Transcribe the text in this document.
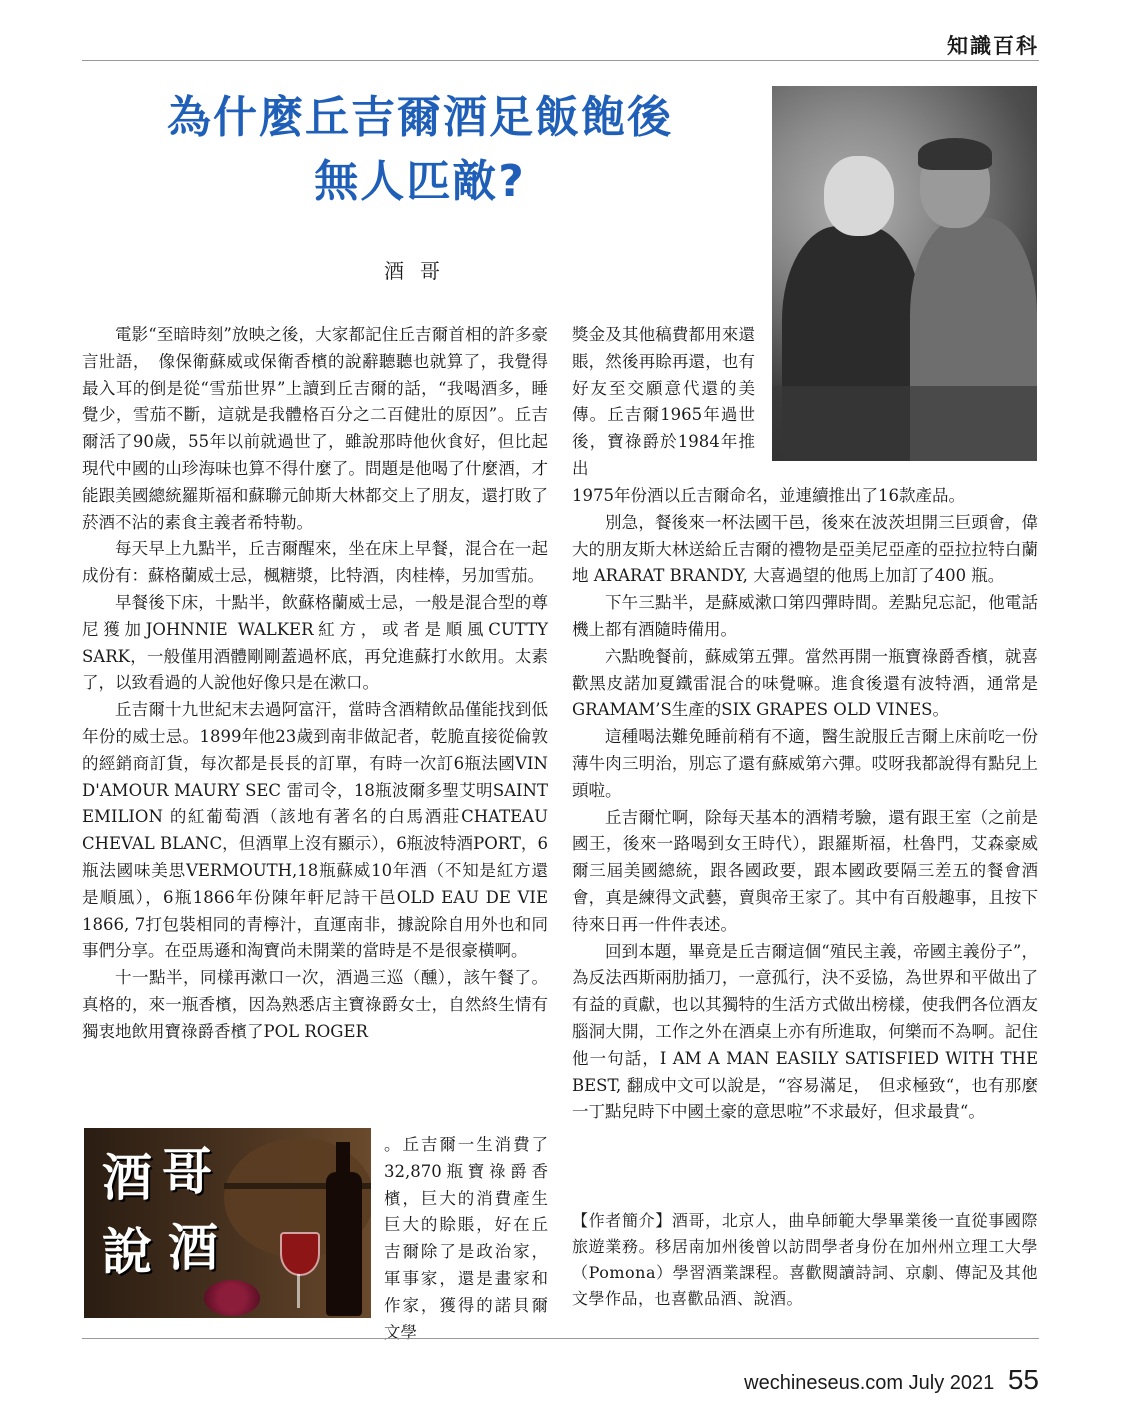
知識百科
為什麼丘吉爾酒足飯飽後
無人匹敵?
酒哥

電影“至暗時刻”放映之後，大家都記住丘吉爾首相的許多豪言壯語，　像保衛蘇威或保衛香檳的說辭聽聽也就算了，我覺得最入耳的倒是從“雪茄世界”上讀到丘吉爾的話，“我喝酒多，睡覺少，雪茄不斷，這就是我體格百分之二百健壯的原因”。丘吉爾活了90歲，55年以前就過世了，雖說那時他伙食好，但比起現代中國的山珍海味也算不得什麼了。問題是他喝了什麼酒，才能跟美國總統羅斯福和蘇聯元帥斯大林都交上了朋友，還打敗了菸酒不沾的素食主義者希特勒。

每天早上九點半，丘吉爾醒來，坐在床上早餐，混合在一起成份有：蘇格蘭威士忌，楓糖漿，比特酒，肉桂棒，另加雪茄。

早餐後下床，十點半，飲蘇格蘭威士忌，一般是混合型的尊尼獲加JOHNNIE WALKER紅方，或者是順風CUTTY SARK，一般僅用酒體剛剛蓋過杯底，再兌進蘇打水飲用。太素了，以致看過的人說他好像只是在漱口。

丘吉爾十九世紀末去過阿富汗，當時含酒精飲品僅能找到低年份的威士忌。1899年他23歲到南非做記者，乾脆直接從倫敦的經銷商訂貨，每次都是長長的訂單，有時一次訂6瓶法國VIN D'AMOUR MAURY SEC 雷司令，18瓶波爾多聖艾明SAINT EMILION 的紅葡萄酒（該地有著名的白馬酒莊CHATEAU CHEVAL BLANC，但酒單上沒有顯示），6瓶波特酒PORT，6瓶法國味美思VERMOUTH,18瓶蘇威10年酒（不知是紅方還是順風），6瓶1866年份陳年軒尼詩干邑OLD EAU DE VIE 1866, 7打包裝相同的青檸汁，直運南非，據說除自用外也和同事們分享。在亞馬遜和淘寶尚未開業的當時是不是很豪橫啊。

十一點半，同樣再漱口一次，酒過三巡（醺），該午餐了。真格的，來一瓶香檳，因為熟悉店主寶祿爵女士，自然終生情有獨衷地飲用寶祿爵香檳了POL ROGER

酒 哥
說 酒

。丘吉爾一生消費了32,870瓶寶祿爵香檳，巨大的消費產生巨大的賒賬，好在丘吉爾除了是政治家，軍事家，還是畫家和作家，獲得的諾貝爾文學

獎金及其他稿費都用來還賬，然後再賒再還，也有好友至交願意代還的美傳。丘吉爾1965年過世後，寶祿爵於1984年推出

1975年份酒以丘吉爾命名，並連續推出了16款產品。

別急，餐後來一杯法國干邑，後來在波茨坦開三巨頭會，偉大的朋友斯大林送給丘吉爾的禮物是亞美尼亞產的亞拉拉特白蘭地 ARARAT BRANDY, 大喜過望的他馬上加訂了400 瓶。

下午三點半，是蘇威漱口第四彈時間。差點兒忘記，他電話機上都有酒隨時備用。

六點晚餐前，蘇威第五彈。當然再開一瓶寶祿爵香檳，就喜歡黑皮諾加夏鐵雷混合的味覺嘛。進食後還有波特酒，通常是GRAMAM’S生產的SIX GRAPES OLD VINES。

這種喝法難免睡前稍有不適，醫生說服丘吉爾上床前吃一份薄牛肉三明治，別忘了還有蘇威第六彈。哎呀我都說得有點兒上頭啦。

丘吉爾忙啊，除每天基本的酒精考驗，還有跟王室（之前是國王，後來一路喝到女王時代），跟羅斯福，杜魯門，艾森豪威爾三屆美國總統，跟各國政要，跟本國政要隔三差五的餐會酒會，真是練得文武藝，賣與帝王家了。其中有百般趣事，且按下待來日再一件件表述。

回到本題，畢竟是丘吉爾這個“殖民主義，帝國主義份子”，為反法西斯兩肋插刀，一意孤行，決不妥協，為世界和平做出了有益的貢獻，也以其獨特的生活方式做出榜樣，使我們各位酒友腦洞大開，工作之外在酒桌上亦有所進取，何樂而不為啊。記住他一句話，I AM A MAN EASILY SATISFIED WITH THE BEST, 翻成中文可以說是，“容易滿足，　但求極致“，也有那麼一丁點兒時下中國土豪的意思啦”不求最好，但求最貴“。

【作者簡介】酒哥，北京人，曲阜師範大學畢業後一直從事國際旅遊業務。移居南加州後曾以訪問學者身份在加州州立理工大學（Pomona）學習酒業課程。喜歡閱讀詩詞、京劇、傳記及其他文學作品，也喜歡品酒、說酒。
wechineseus.com July 2021 55
